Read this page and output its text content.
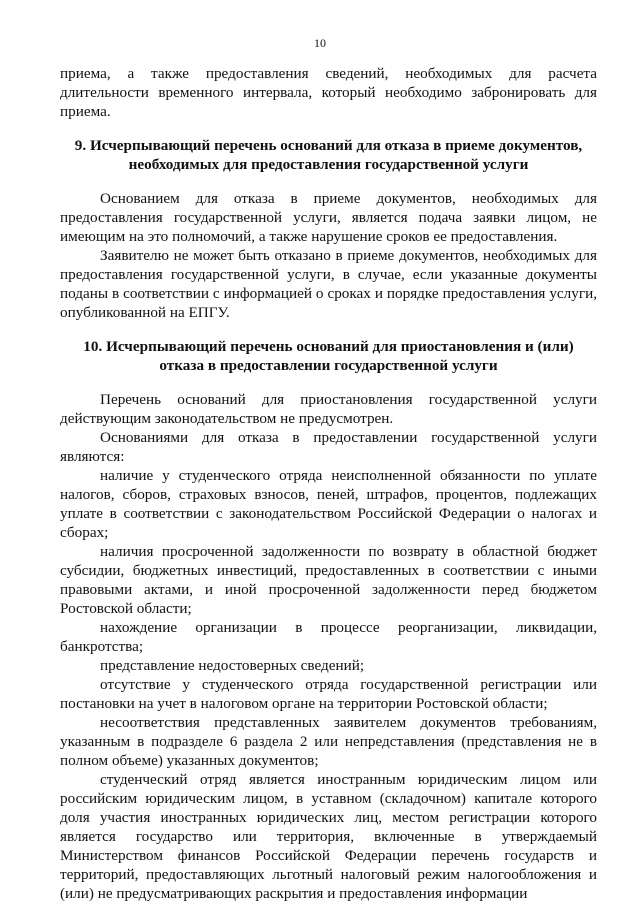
10

приема, а также предоставления сведений, необходимых для расчета длительности временного интервала, который необходимо забронировать для приема.

9. Исчерпывающий перечень оснований для отказа в приеме документов, необходимых для предоставления государственной услуги

Основанием для отказа в приеме документов, необходимых для предоставления государственной услуги, является подача заявки лицом, не имеющим на это полномочий, а также нарушение сроков ее предоставления.

Заявителю не может быть отказано в приеме документов, необходимых для предоставления государственной услуги, в случае, если указанные документы поданы в соответствии с информацией о сроках и порядке предоставления услуги, опубликованной на ЕПГУ.

10. Исчерпывающий перечень оснований для приостановления и (или) отказа в предоставлении государственной услуги

Перечень оснований для приостановления государственной услуги действующим законодательством не предусмотрен.

Основаниями для отказа в предоставлении государственной услуги являются:

наличие у студенческого отряда неисполненной обязанности по уплате налогов, сборов, страховых взносов, пеней, штрафов, процентов, подлежащих уплате в соответствии с законодательством Российской Федерации о налогах и сборах;

наличия просроченной задолженности по возврату в областной бюджет субсидии, бюджетных инвестиций, предоставленных в соответствии с иными правовыми актами, и иной просроченной задолженности перед бюджетом Ростовской области;

нахождение организации в процессе реорганизации, ликвидации, банкротства;

представление недостоверных сведений;

отсутствие у студенческого отряда государственной регистрации или постановки на учет в налоговом органе на территории Ростовской области;

несоответствия представленных заявителем документов требованиям, указанным в подразделе 6 раздела 2 или непредставления (представления не в полном объеме) указанных документов;

студенческий отряд является иностранным юридическим лицом или российским юридическим лицом, в уставном (складочном) капитале которого доля участия иностранных юридических лиц, местом регистрации которого является государство или территория, включенные в утверждаемый Министерством финансов Российской Федерации перечень государств и территорий, предоставляющих льготный налоговый режим налогообложения и (или) не предусматривающих раскрытия и предоставления информации
